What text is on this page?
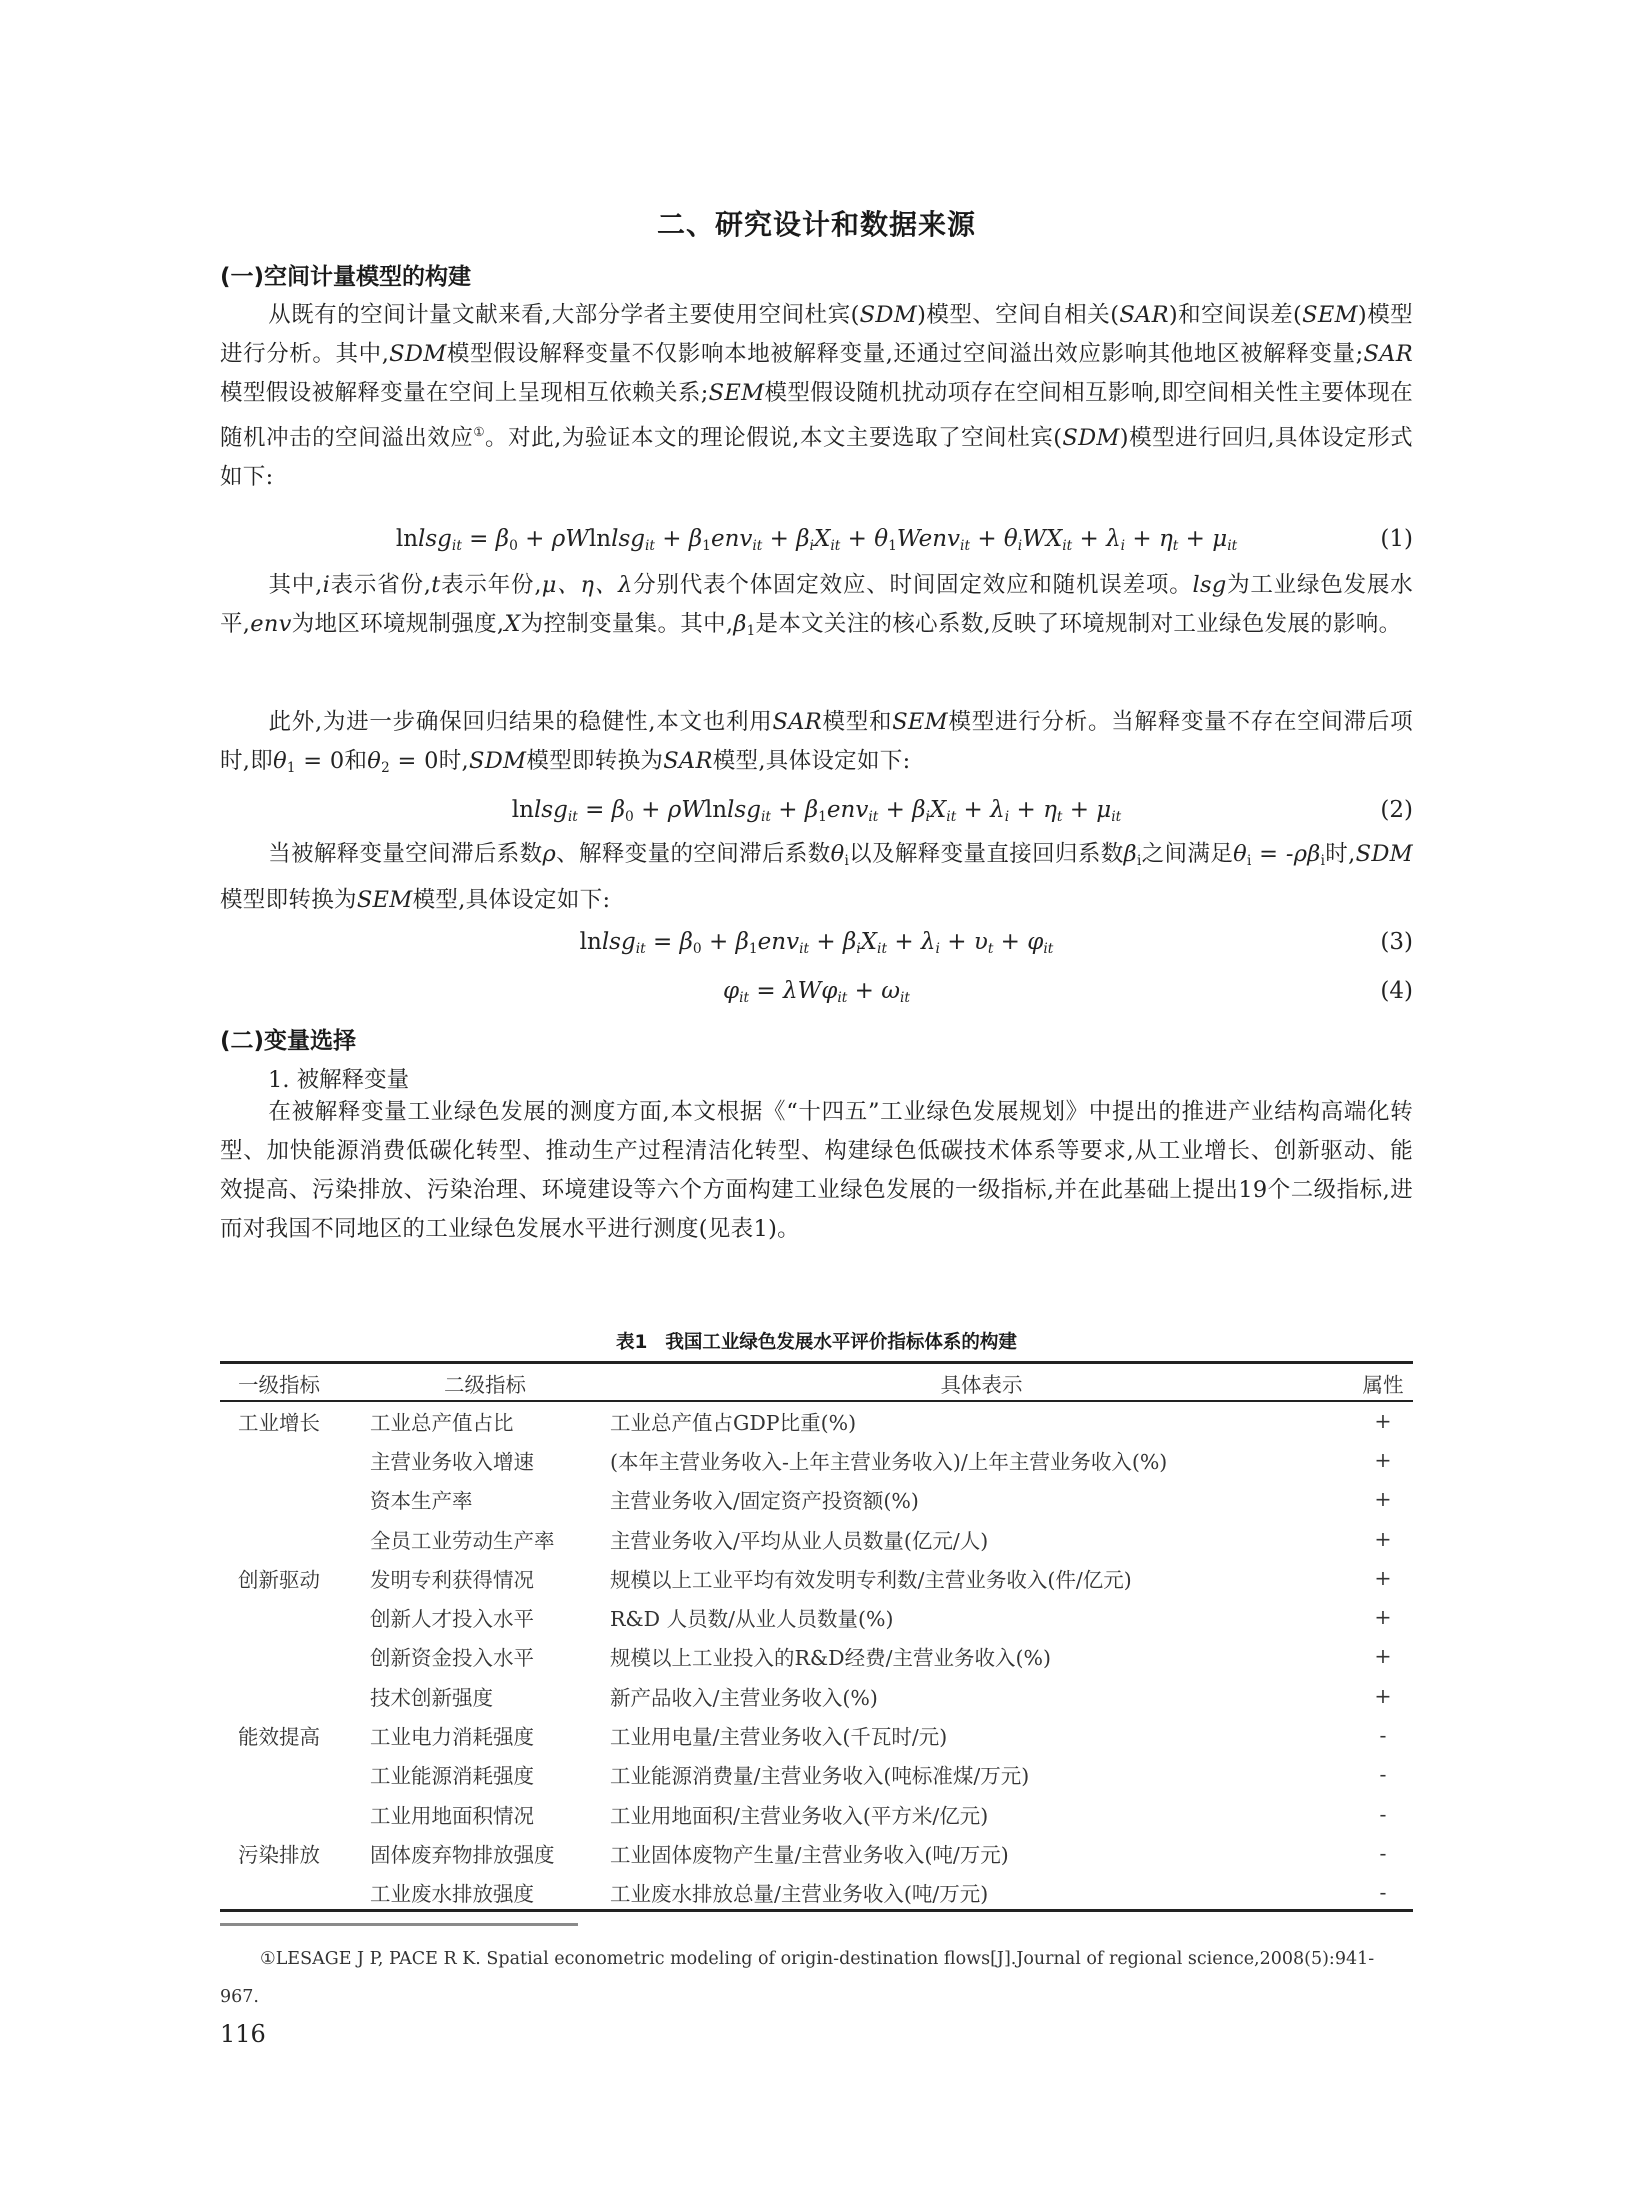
二、研究设计和数据来源
(一)空间计量模型的构建
从既有的空间计量文献来看,大部分学者主要使用空间杜宾(SDM)模型、空间自相关(SAR)和空间误差(SEM)模型进行分析。其中,SDM模型假设解释变量不仅影响本地被解释变量,还通过空间溢出效应影响其他地区被解释变量;SAR模型假设被解释变量在空间上呈现相互依赖关系;SEM模型假设随机扰动项存在空间相互影响,即空间相关性主要体现在随机冲击的空间溢出效应①。对此,为验证本文的理论假说,本文主要选取了空间杜宾(SDM)模型进行回归,具体设定形式如下:
lnlsg$_{it}$ = $\beta_0$ + ρWlnlsg$_{it}$ + $\beta_1env_{it} + \beta_iX_{it}$ + $\theta_1Wenv_{it} + \theta_iWX_{it} + \lambda_i + \eta_t + \mu_{it}$	(1)
其中,i表示省份,t表示年份,μ、η、λ分别代表个体固定效应、时间固定效应和随机误差项。lsg为工业绿色发展水平,env为地区环境规制强度,X为控制变量集。其中$,\beta_1$是本文关注的核心系数,反映了环境规制对工业绿色发展的影响。
此外,为进一步确保回归结果的稳健性,本文也利用SAR模型和SEM模型进行分析。当解释变量不存在空间滞后项时,即$\theta_1 = 0$和$\theta_2 = 0$时,SDM模型即转换为SAR模型,具体设定如下:
lnlsg$_{it}$ = $\beta_0$ + ρWlnlsg$_{it}$ + $\beta_1env_{it} + \beta_iX_{it} + \lambda_i + \eta_t + \mu_{it}$	(2)
当被解释变量空间滞后系数ρ、解释变量的空间滞后系数$\theta_i$以及解释变量直接回归系数$\beta_i$之间满足$\theta_i = -\rho\beta_i$时,SDM模型即转换为SEM模型,具体设定如下:
lnlsg$_{it}$ = $\beta_0 + \beta_1env_{it} + \beta_iX_{it} + \lambda_i + \upsilon_t + \varphi_{it}$	(3)
$\varphi_{it} = \lambda W\varphi_{it} + \omega_{it}$	(4)
(二)变量选择
1. 被解释变量
在被解释变量工业绿色发展的测度方面,本文根据《“十四五”工业绿色发展规划》中提出的推进产业结构高端化转型、加快能源消费低碳化转型、推动生产过程清洁化转型、构建绿色低碳技术体系等要求,从工业增长、创新驱动、能效提高、污染排放、污染治理、环境建设等六个方面构建工业绿色发展的一级指标,并在此基础上提出19个二级指标,进而对我国不同地区的工业绿色发展水平进行测度(见表1)。
表1 我国工业绿色发展水平评价指标体系的构建
一级指标	二级指标	具体表示	属性
工业增长	工业总产值占比	工业总产值占GDP比重(%)	+
	主营业务收入增速	(本年主营业务收入-上年主营业务收入)/上年主营业务收入(%)	+
	资本生产率	主营业务收入/固定资产投资额(%)	+
	全员工业劳动生产率	主营业务收入/平均从业人员数量(亿元/人)	+
创新驱动	发明专利获得情况	规模以上工业平均有效发明专利数/主营业务收入(件/亿元)	+
	创新人才投入水平	R&D 人员数/从业人员数量(%)	+
	创新资金投入水平	规模以上工业投入的R&D经费/主营业务收入(%)	+
	技术创新强度	新产品收入/主营业务收入(%)	+
能效提高	工业电力消耗强度	工业用电量/主营业务收入(千瓦时/元)	-
	工业能源消耗强度	工业能源消费量/主营业务收入(吨标准煤/万元)	-
	工业用地面积情况	工业用地面积/主营业务收入(平方米/亿元)	-
污染排放	固体废弃物排放强度	工业固体废物产生量/主营业务收入(吨/万元)	-
	工业废水排放强度	工业废水排放总量/主营业务收入(吨/万元)	-
①LESAGE J P, PACE R K. Spatial econometric modeling of origin-destination flows[J].Journal of regional science,2008(5):941-967.
116
